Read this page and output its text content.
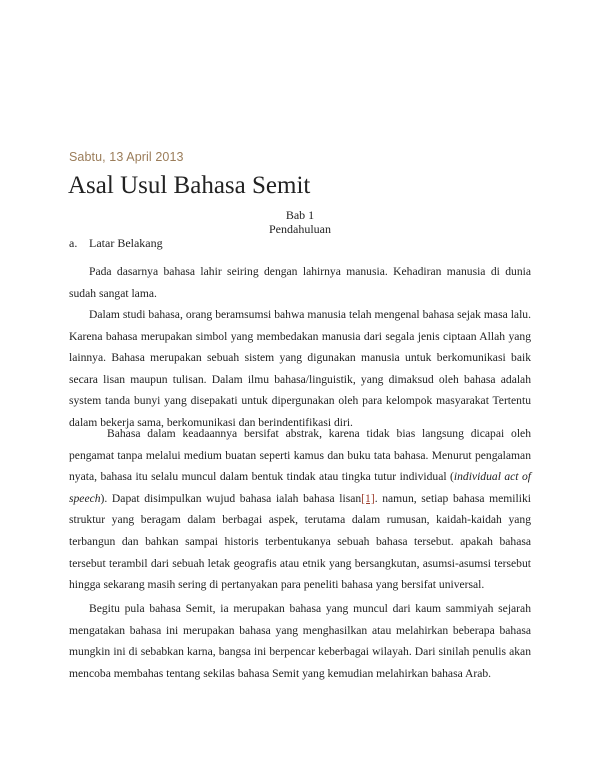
Sabtu, 13 April 2013
Asal Usul Bahasa Semit
Bab 1
Pendahuluan
a. Latar Belakang

Pada dasarnya bahasa lahir seiring dengan lahirnya manusia. Kehadiran manusia di dunia sudah sangat lama.

Dalam studi bahasa, orang beramsumsi bahwa manusia telah mengenal bahasa sejak masa lalu. Karena bahasa merupakan simbol yang membedakan manusia dari segala jenis ciptaan Allah yang lainnya. Bahasa merupakan sebuah sistem yang digunakan manusia untuk berkomunikasi baik secara lisan maupun tulisan. Dalam ilmu bahasa/linguistik, yang dimaksud oleh bahasa adalah system tanda bunyi yang disepakati untuk dipergunakan oleh para kelompok masyarakat Tertentu dalam bekerja sama, berkomunikasi dan berindentifikasi diri.

Bahasa dalam keadaannya bersifat abstrak, karena tidak bias langsung dicapai oleh pengamat tanpa melalui medium buatan seperti kamus dan buku tata bahasa. Menurut pengalaman nyata, bahasa itu selalu muncul dalam bentuk tindak atau tingka tutur individual (individual act of speech). Dapat disimpulkan wujud bahasa ialah bahasa lisan[1]. namun, setiap bahasa memiliki struktur yang beragam dalam berbagai aspek, terutama dalam rumusan, kaidah-kaidah yang terbangun dan bahkan sampai historis terbentukanya sebuah bahasa tersebut. apakah bahasa tersebut terambil dari sebuah letak geografis atau etnik yang bersangkutan, asumsi-asumsi tersebut hingga sekarang masih sering di pertanyakan para peneliti bahasa yang bersifat universal.

Begitu pula bahasa Semit, ia merupakan bahasa yang muncul dari kaum sammiyah sejarah mengatakan bahasa ini merupakan bahasa yang menghasilkan atau melahirkan beberapa bahasa mungkin ini di sebabkan karna, bangsa ini berpencar keberbagai wilayah. Dari sinilah penulis akan mencoba membahas tentang sekilas bahasa Semit yang kemudian melahirkan bahasa Arab.
